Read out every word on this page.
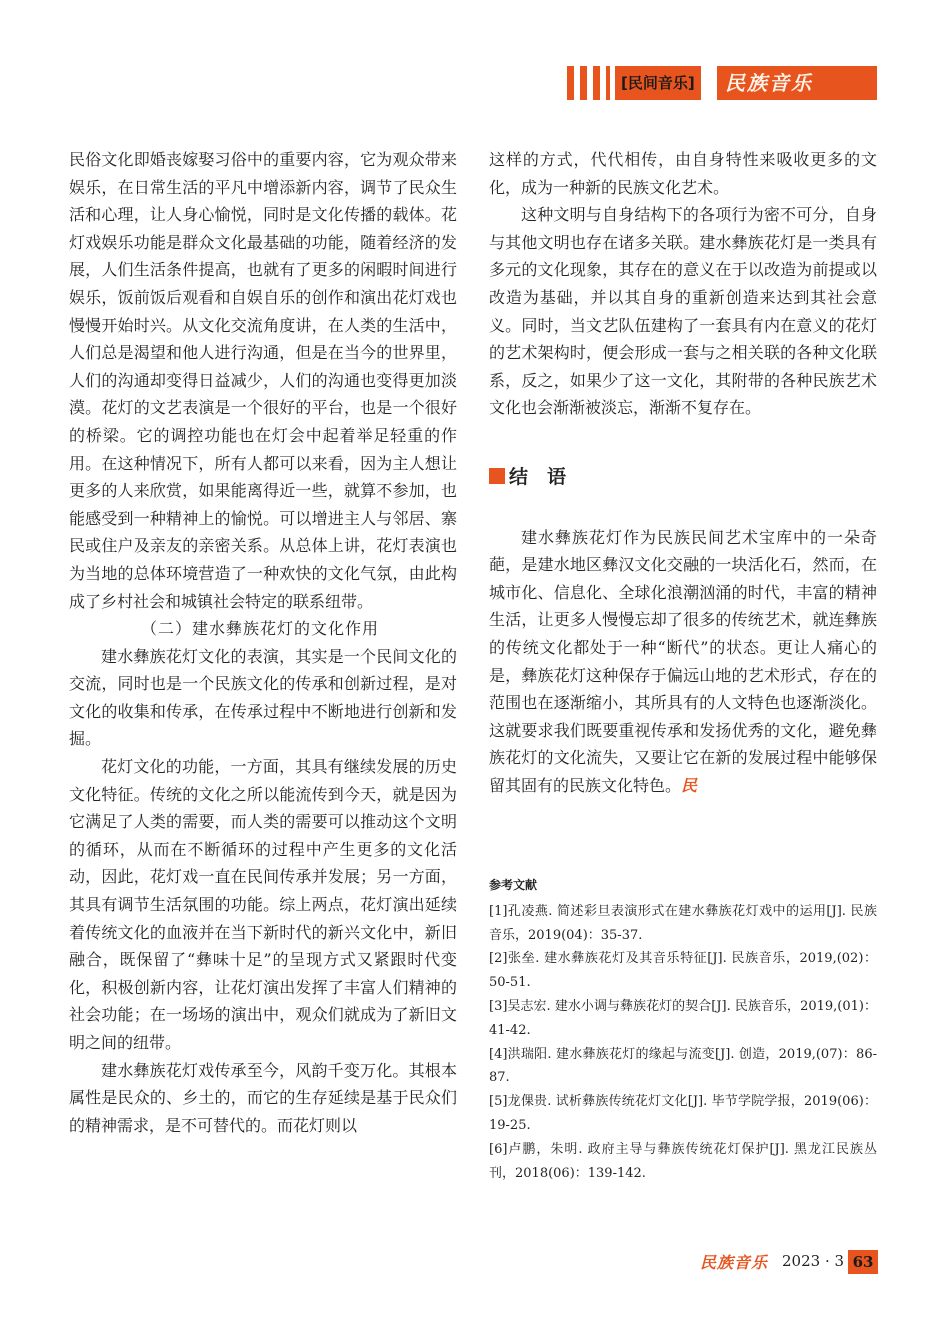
[民间音乐]	民族音乐

民俗文化即婚丧嫁娶习俗中的重要内容，它为观众带来娱乐，在日常生活的平凡中增添新内容，调节了民众生活和心理，让人身心愉悦，同时是文化传播的载体。花灯戏娱乐功能是群众文化最基础的功能，随着经济的发展，人们生活条件提高，也就有了更多的闲暇时间进行娱乐，饭前饭后观看和自娱自乐的创作和演出花灯戏也慢慢开始时兴。从文化交流角度讲，在人类的生活中，人们总是渴望和他人进行沟通，但是在当今的世界里，人们的沟通却变得日益减少，人们的沟通也变得更加淡漠。花灯的文艺表演是一个很好的平台，也是一个很好的桥梁。它的调控功能也在灯会中起着举足轻重的作用。在这种情况下，所有人都可以来看，因为主人想让更多的人来欣赏，如果能离得近一些，就算不参加，也能感受到一种精神上的愉悦。可以增进主人与邻居、寨民或住户及亲友的亲密关系。从总体上讲，花灯表演也为当地的总体环境营造了一种欢快的文化气氛，由此构成了乡村社会和城镇社会特定的联系纽带。

（二）建水彝族花灯的文化作用

建水彝族花灯文化的表演，其实是一个民间文化的交流，同时也是一个民族文化的传承和创新过程，是对文化的收集和传承，在传承过程中不断地进行创新和发掘。

花灯文化的功能，一方面，其具有继续发展的历史文化特征。传统的文化之所以能流传到今天，就是因为它满足了人类的需要，而人类的需要可以推动这个文明的循环，从而在不断循环的过程中产生更多的文化活动，因此，花灯戏一直在民间传承并发展；另一方面，其具有调节生活氛围的功能。综上两点，花灯演出延续着传统文化的血液并在当下新时代的新兴文化中，新旧融合，既保留了“彝味十足”的呈现方式又紧跟时代变化，积极创新内容，让花灯演出发挥了丰富人们精神的社会功能；在一场场的演出中，观众们就成为了新旧文明之间的纽带。

建水彝族花灯戏传承至今，风韵千变万化。其根本属性是民众的、乡土的，而它的生存延续是基于民众们的精神需求，是不可替代的。而花灯则以

这样的方式，代代相传，由自身特性来吸收更多的文化，成为一种新的民族文化艺术。

这种文明与自身结构下的各项行为密不可分，自身与其他文明也存在诸多关联。建水彝族花灯是一类具有多元的文化现象，其存在的意义在于以改造为前提或以改造为基础，并以其自身的重新创造来达到其社会意义。同时，当文艺队伍建构了一套具有内在意义的花灯的艺术架构时，便会形成一套与之相关联的各种文化联系，反之，如果少了这一文化，其附带的各种民族艺术文化也会渐渐被淡忘，渐渐不复存在。

结　语

建水彝族花灯作为民族民间艺术宝库中的一朵奇葩，是建水地区彝汉文化交融的一块活化石，然而，在城市化、信息化、全球化浪潮汹涌的时代，丰富的精神生活，让更多人慢慢忘却了很多的传统艺术，就连彝族的传统文化都处于一种“断代”的状态。更让人痛心的是，彝族花灯这种保存于偏远山地的艺术形式，存在的范围也在逐渐缩小，其所具有的人文特色也逐渐淡化。这就要求我们既要重视传承和发扬优秀的文化，避免彝族花灯的文化流失，又要让它在新的发展过程中能够保留其固有的民族文化特色。民

参考文献

[1]孔凌燕. 简述彩旦表演形式在建水彝族花灯戏中的运用[J]. 民族音乐，2019(04)：35-37.

[2]张垒. 建水彝族花灯及其音乐特征[J]. 民族音乐，2019,(02)：50-51.

[3]吴志宏. 建水小调与彝族花灯的契合[J]. 民族音乐，2019,(01)：41-42.

[4]洪瑞阳. 建水彝族花灯的缘起与流变[J]. 创造，2019,(07)：86-87.

[5]龙倮贵. 试析彝族传统花灯文化[J]. 毕节学院学报，2019(06)：19-25.

[6]卢鹏，朱明. 政府主导与彝族传统花灯保护[J]. 黑龙江民族丛刊，2018(06)：139-142.

民族音乐 2023 · 3 63
